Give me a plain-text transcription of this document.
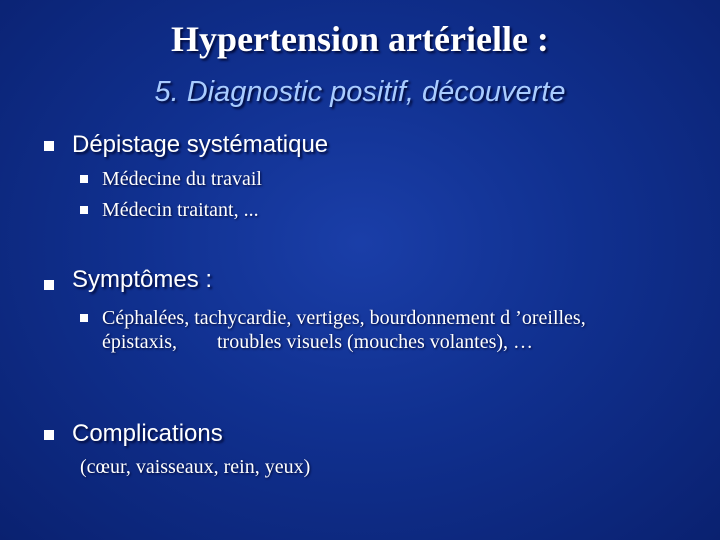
Hypertension artérielle :
5. Diagnostic positif, découverte
Dépistage systématique
Médecine du travail
Médecin traitant, ...
Symptômes :
Céphalées, tachycardie, vertiges, bourdonnement d ’oreilles, épistaxis,        troubles visuels (mouches volantes), …
Complications
(cœur, vaisseaux, rein, yeux)
